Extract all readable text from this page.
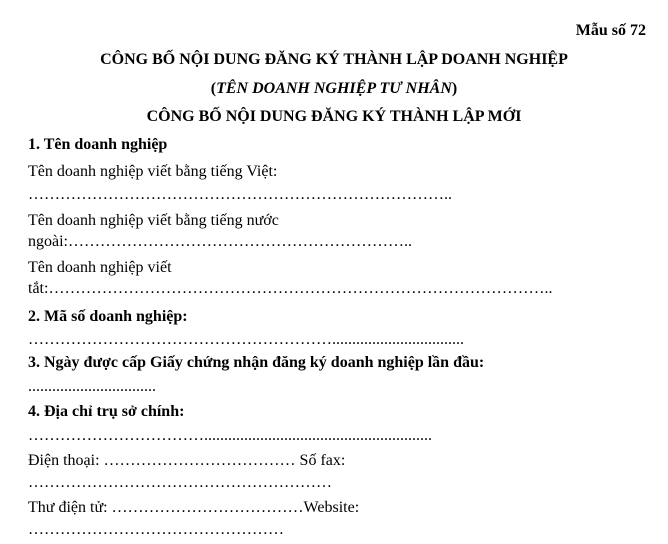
Mẫu số 72
CÔNG BỐ NỘI DUNG ĐĂNG KÝ THÀNH LẬP DOANH NGHIỆP
(TÊN DOANH NGHIỆP TƯ NHÂN)
CÔNG BỐ NỘI DUNG ĐĂNG KÝ THÀNH LẬP MỚI
1. Tên doanh nghiệp
Tên doanh nghiệp viết bằng tiếng Việt:
……………………………………………………………………..
Tên doanh nghiệp viết bằng tiếng nước
ngoài:………………………………………………………..
Tên doanh nghiệp viết
tắt:…………………………………………………………………………………..
2. Mã số doanh nghiệp:
………………………………………………….................................
3. Ngày được cấp Giấy chứng nhận đăng ký doanh nghiệp lần đầu:
................................
4. Địa chỉ trụ sở chính:
…………………………….........................................................
Điện thoại: ……………………………… Số fax:
…………………………………………………
Thư điện tử: ………………………………Website:
…………………………………………
